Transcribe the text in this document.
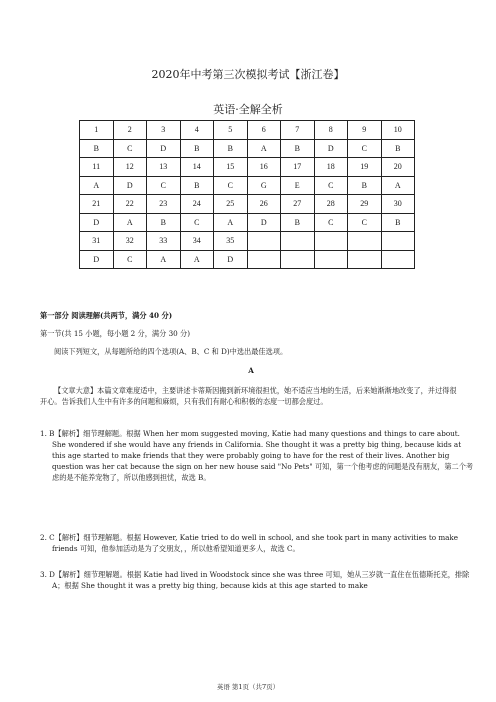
2020年中考第三次模拟考试【浙江卷】
英语·全解全析
1	2	3	4	5	6	7	8	9	10
B	C	D	B	B	A	B	D	C	B
11	12	13	14	15	16	17	18	19	20
A	D	C	B	C	G	E	C	B	A
21	22	23	24	25	26	27	28	29	30
D	A	B	C	A	D	B	C	C	B
31	32	33	34	35					
D	C	A	A	D					
第一部分 阅读理解(共两节，满分 40 分)
第一节(共 15 小题，每小题 2 分，满分 30 分)
阅读下列短文，从每题所给的四个选项(A、B、C 和 D)中选出最佳选项。
A
【文章大意】本篇文章难度适中，主要讲述卡蒂斯因搬到新环境很担忧，她不适应当地的生活，后来她渐渐地改变了，并过得很开心。告诉我们人生中有许多的问题和麻烦，只有我们有耐心和积极的态度一切都会度过。
1. B【解析】细节理解题。根据 When her mom suggested moving, Katie had many questions and things to care about. She wondered if she would have any friends in California. She thought it was a pretty big thing, because kids at this age started to make friends that they were probably going to have for the rest of their lives. Another big question was her cat because the sign on her new house said "No Pets" 可知，第一个他考虑的问题是没有朋友，第二个考虑的是不能养宠物了，所以他感到担忧，故选 B。
2. C【解析】细节理解题。根据 However, Katie tried to do well in school, and she took part in many activities to make friends 可知，他参加活动是为了交朋友，，所以他希望知道更多人，故选 C。
3. D【解析】细节理解题。根据 Katie had lived in Woodstock since she was three 可知，她从三岁就一直住在伍德斯托克，排除 A；根据 She thought it was a pretty big thing, because kids at this age started to make
英语 第1页（共7页）
